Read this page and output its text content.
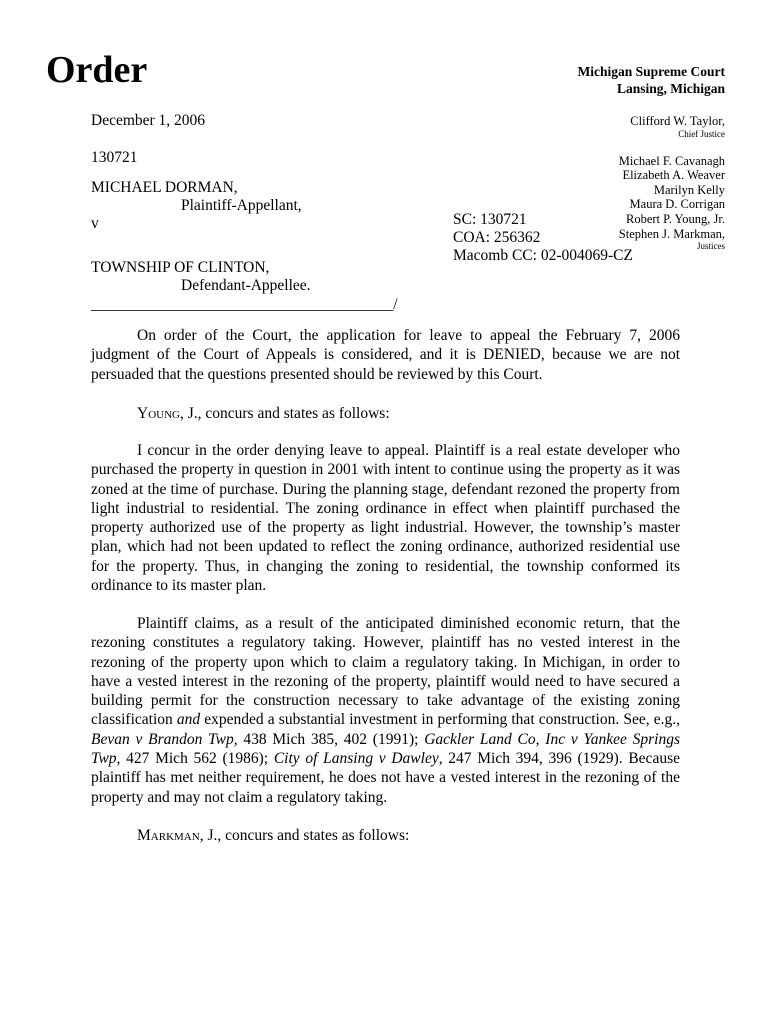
Order	Michigan Supreme Court
Lansing, Michigan
December 1, 2006
130721
MICHAEL DORMAN,
Plaintiff-Appellant,
v	SC: 130721
COA: 256362
Macomb CC: 02-004069-CZ
TOWNSHIP OF CLINTON,
Defendant-Appellee.
_______________________________________/
Clifford W. Taylor,
Chief Justice
Michael F. Cavanagh
Elizabeth A. Weaver
Marilyn Kelly
Maura D. Corrigan
Robert P. Young, Jr.
Stephen J. Markman,
Justices

On order of the Court, the application for leave to appeal the February 7, 2006 judgment of the Court of Appeals is considered, and it is DENIED, because we are not persuaded that the questions presented should be reviewed by this Court.

Young, J., concurs and states as follows:

I concur in the order denying leave to appeal. Plaintiff is a real estate developer who purchased the property in question in 2001 with intent to continue using the property as it was zoned at the time of purchase. During the planning stage, defendant rezoned the property from light industrial to residential. The zoning ordinance in effect when plaintiff purchased the property authorized use of the property as light industrial. However, the township’s master plan, which had not been updated to reflect the zoning ordinance, authorized residential use for the property. Thus, in changing the zoning to residential, the township conformed its ordinance to its master plan.

Plaintiff claims, as a result of the anticipated diminished economic return, that the rezoning constitutes a regulatory taking. However, plaintiff has no vested interest in the rezoning of the property upon which to claim a regulatory taking. In Michigan, in order to have a vested interest in the rezoning of the property, plaintiff would need to have secured a building permit for the construction necessary to take advantage of the existing zoning classification and expended a substantial investment in performing that construction. See, e.g., Bevan v Brandon Twp, 438 Mich 385, 402 (1991); Gackler Land Co, Inc v Yankee Springs Twp, 427 Mich 562 (1986); City of Lansing v Dawley, 247 Mich 394, 396 (1929). Because plaintiff has met neither requirement, he does not have a vested interest in the rezoning of the property and may not claim a regulatory taking.

Markman, J., concurs and states as follows:
